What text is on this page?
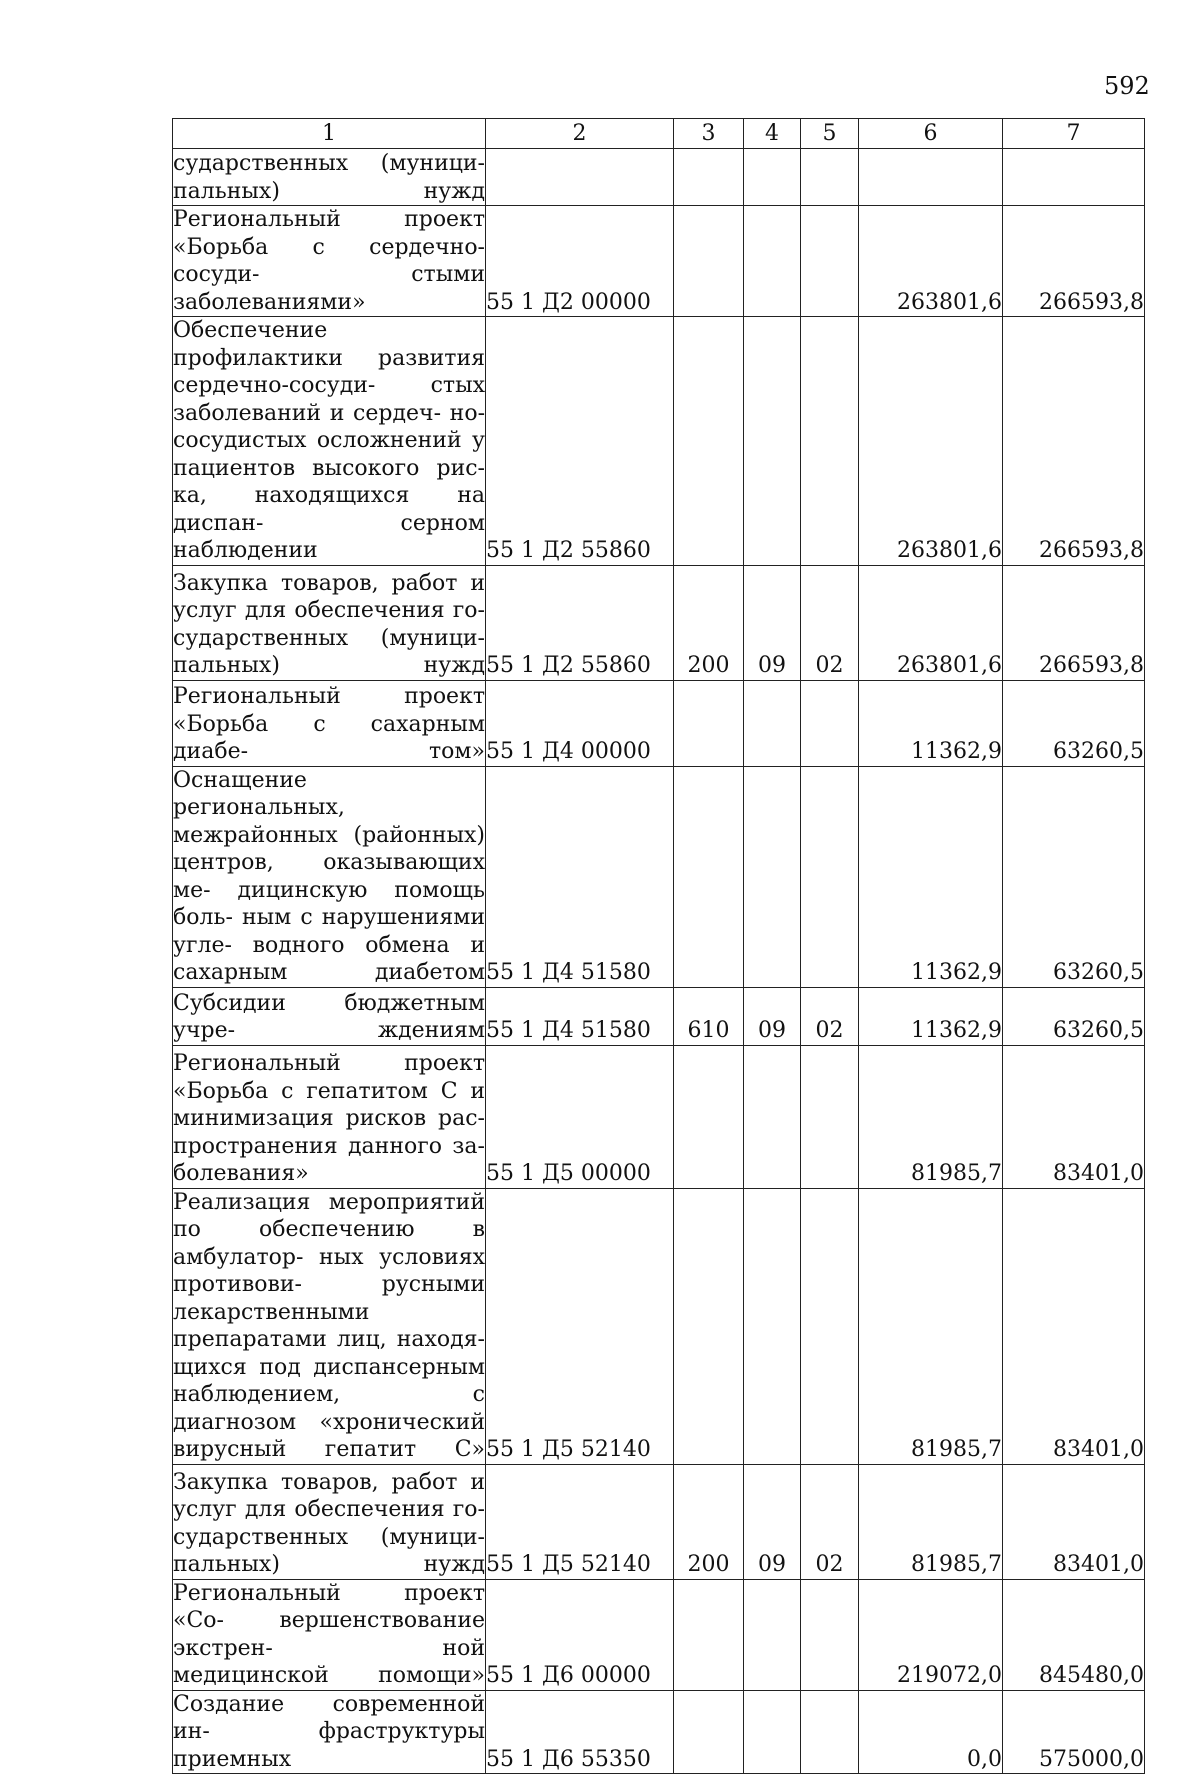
592
1	2	3	4	5	6	7
сударственных (муници- пальных) нужд						
Региональный проект «Борьба с сердечно-сосуди- стыми заболеваниями»	55 1 Д2 00000				263801,6	266593,8
Обеспечение профилактики развития сердечно-сосуди- стых заболеваний и сердеч- но-сосудистых осложнений у пациентов высокого рис- ка, находящихся на диспан- серном наблюдении	55 1 Д2 55860				263801,6	266593,8
Закупка товаров, работ и услуг для обеспечения го- сударственных (муници- пальных) нужд	55 1 Д2 55860	200	09	02	263801,6	266593,8
Региональный проект «Борьба с сахарным диабе- том»	55 1 Д4 00000				11362,9	63260,5
Оснащение региональных, межрайонных (районных) центров, оказывающих ме- дицинскую помощь боль- ным с нарушениями угле- водного обмена и сахарным диабетом	55 1 Д4 51580				11362,9	63260,5
Субсидии бюджетным учре- ждениям	55 1 Д4 51580	610	09	02	11362,9	63260,5
Региональный проект «Борьба с гепатитом С и минимизация рисков рас- пространения данного за- болевания»	55 1 Д5 00000				81985,7	83401,0
Реализация мероприятий по обеспечению в амбулатор- ных условиях противови- русными лекарственными препаратами лиц, находя- щихся под диспансерным наблюдением, с диагнозом «хронический вирусный гепатит С»	55 1 Д5 52140				81985,7	83401,0
Закупка товаров, работ и услуг для обеспечения го- сударственных (муници- пальных) нужд	55 1 Д5 52140	200	09	02	81985,7	83401,0
Региональный проект «Со- вершенствование экстрен- ной медицинской помощи»	55 1 Д6 00000				219072,0	845480,0
Создание современной ин- фраструктуры приемных	55 1 Д6 55350				0,0	575000,0
